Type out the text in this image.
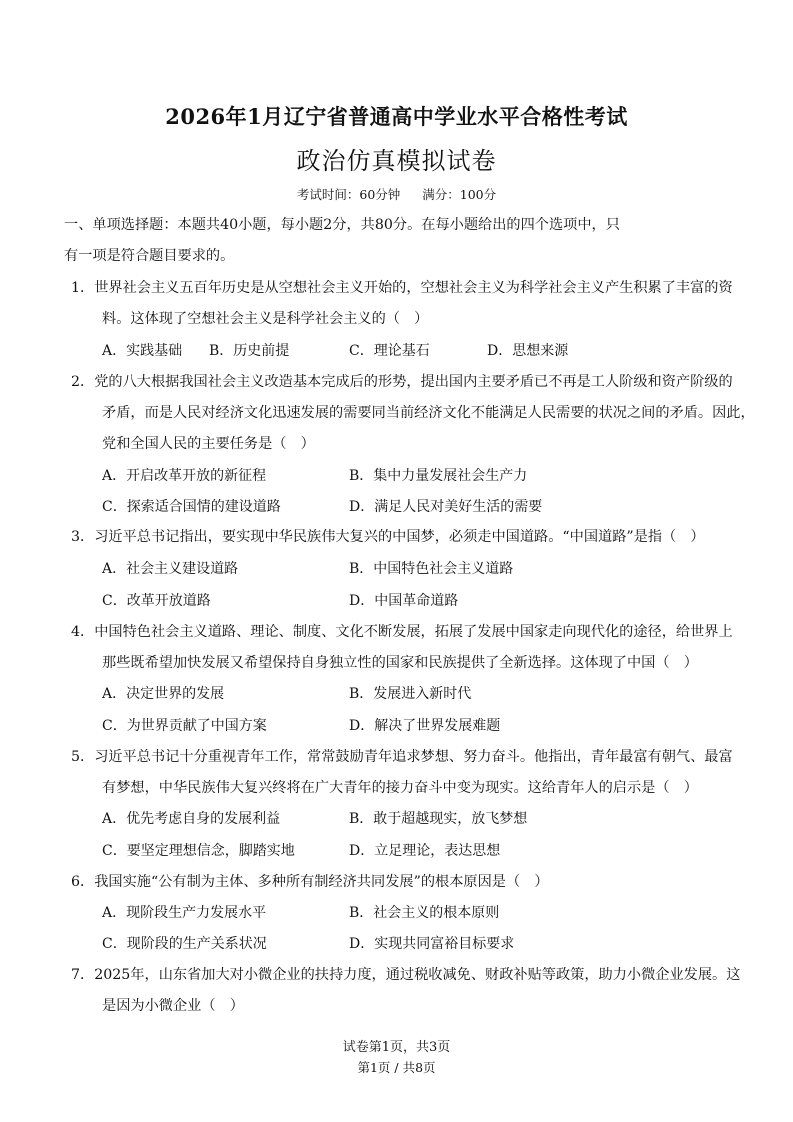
2026年1月辽宁省普通高中学业水平合格性考试
政治仿真模拟试卷
考试时间：60分钟 满分：100分
一、单项选择题：本题共40小题，每小题2分，共80分。在每小题给出的四个选项中，只
有一项是符合题目要求的。
1．世界社会主义五百年历史是从空想社会主义开始的，空想社会主义为科学社会主义产生积累了丰富的资
料。这体现了空想社会主义是科学社会主义的（　）
A．实践基础 B．历史前提	C．理论基石	D．思想来源
2．党的八大根据我国社会主义改造基本完成后的形势，提出国内主要矛盾已不再是工人阶级和资产阶级的
矛盾，而是人民对经济文化迅速发展的需要同当前经济文化不能满足人民需要的状况之间的矛盾。因此，
党和全国人民的主要任务是（　）
A．开启改革开放的新征程	B．集中力量发展社会生产力
C．探索适合国情的建设道路	D．满足人民对美好生活的需要
3．习近平总书记指出，要实现中华民族伟大复兴的中国梦，必须走中国道路。“中国道路”是指（　）
A．社会主义建设道路	B．中国特色社会主义道路
C．改革开放道路	D．中国革命道路
4．中国特色社会主义道路、理论、制度、文化不断发展，拓展了发展中国家走向现代化的途径，给世界上
那些既希望加快发展又希望保持自身独立性的国家和民族提供了全新选择。这体现了中国（　）
A．决定世界的发展	B．发展进入新时代
C．为世界贡献了中国方案	D．解决了世界发展难题
5．习近平总书记十分重视青年工作，常常鼓励青年追求梦想、努力奋斗。他指出，青年最富有朝气、最富
有梦想，中华民族伟大复兴终将在广大青年的接力奋斗中变为现实。这给青年人的启示是（　）
A．优先考虑自身的发展利益	B．敢于超越现实，放飞梦想
C．要坚定理想信念，脚踏实地	D．立足理论，表达思想
6．我国实施“公有制为主体、多种所有制经济共同发展”的根本原因是（　）
A．现阶段生产力发展水平	B．社会主义的根本原则
C．现阶段的生产关系状况	D．实现共同富裕目标要求
7．2025年，山东省加大对小微企业的扶持力度，通过税收减免、财政补贴等政策，助力小微企业发展。这
是因为小微企业（　）
试卷第1页，共3页
第1页 / 共8页
